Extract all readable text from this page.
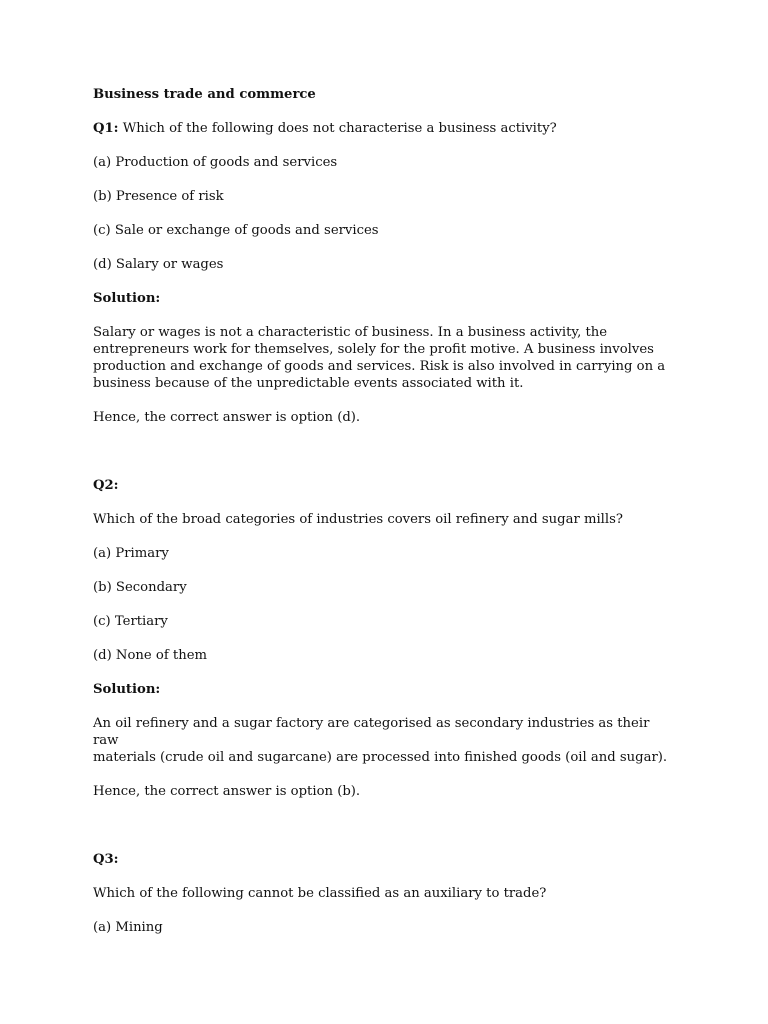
Business trade and commerce

Q1: Which of the following does not characterise a business activity?

(a) Production of goods and services

(b) Presence of risk

(c) Sale or exchange of goods and services

(d) Salary or wages

Solution:

Salary or wages is not a characteristic of business. In a business activity, the

entrepreneurs work for themselves, solely for the profit motive. A business involves

production and exchange of goods and services. Risk is also involved in carrying on a

business because of the unpredictable events associated with it.

Hence, the correct answer is option (d).

Q2:

Which of the broad categories of industries covers oil refinery and sugar mills?

(a) Primary

(b) Secondary

(c) Tertiary

(d) None of them

Solution:

An oil refinery and a sugar factory are categorised as secondary industries as their raw

materials (crude oil and sugarcane) are processed into finished goods (oil and sugar).

Hence, the correct answer is option (b).

Q3:

Which of the following cannot be classified as an auxiliary to trade?

(a) Mining
